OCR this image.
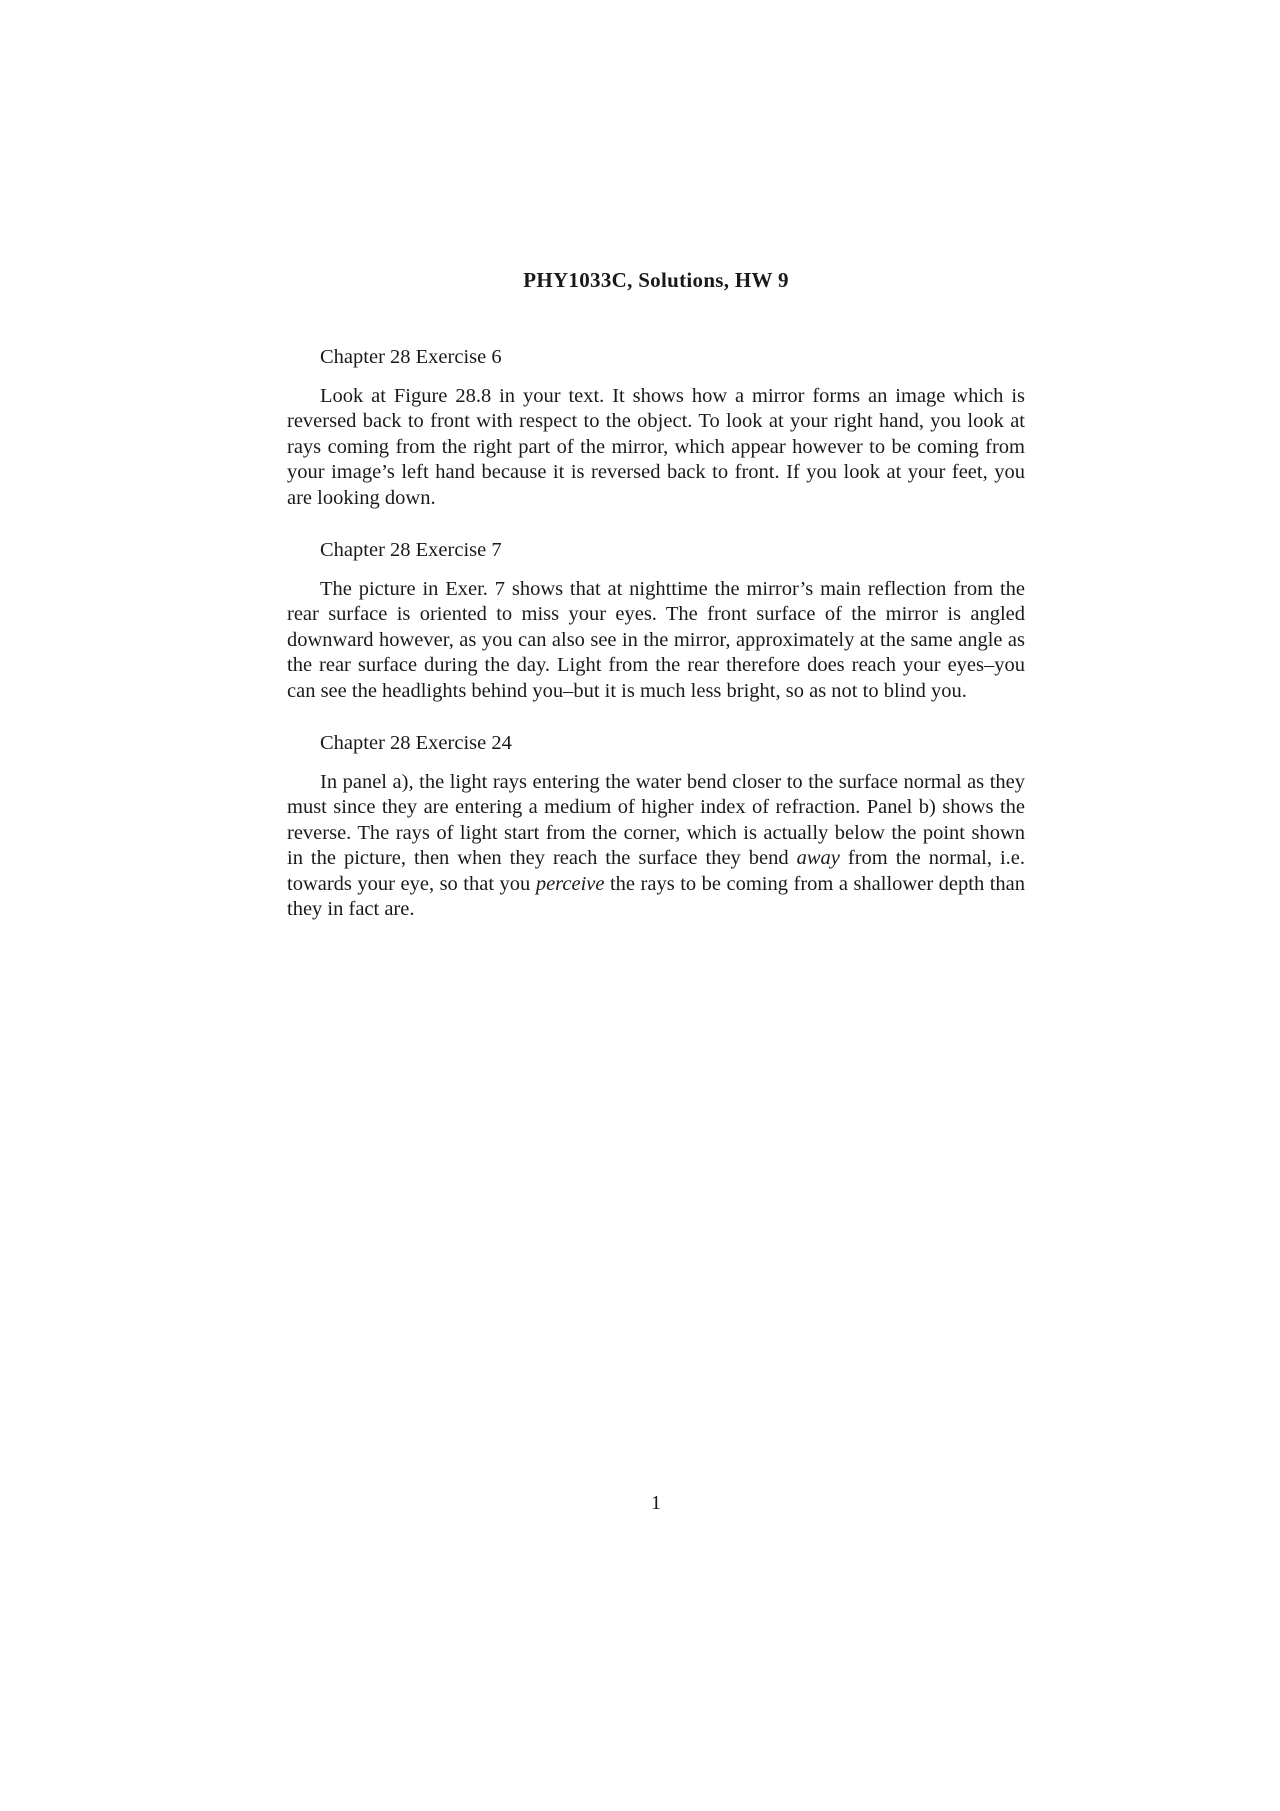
PHY1033C, Solutions, HW 9

Chapter 28 Exercise 6

Look at Figure 28.8 in your text. It shows how a mirror forms an image which is reversed back to front with respect to the object. To look at your right hand, you look at rays coming from the right part of the mirror, which appear however to be coming from your image’s left hand because it is reversed back to front. If you look at your feet, you are looking down.

Chapter 28 Exercise 7

The picture in Exer. 7 shows that at nighttime the mirror’s main reflection from the rear surface is oriented to miss your eyes. The front surface of the mirror is angled downward however, as you can also see in the mirror, approximately at the same angle as the rear surface during the day. Light from the rear therefore does reach your eyes–you can see the headlights behind you–but it is much less bright, so as not to blind you.

Chapter 28 Exercise 24

In panel a), the light rays entering the water bend closer to the surface normal as they must since they are entering a medium of higher index of refraction. Panel b) shows the reverse. The rays of light start from the corner, which is actually below the point shown in the picture, then when they reach the surface they bend away from the normal, i.e. towards your eye, so that you perceive the rays to be coming from a shallower depth than they in fact are.

1
